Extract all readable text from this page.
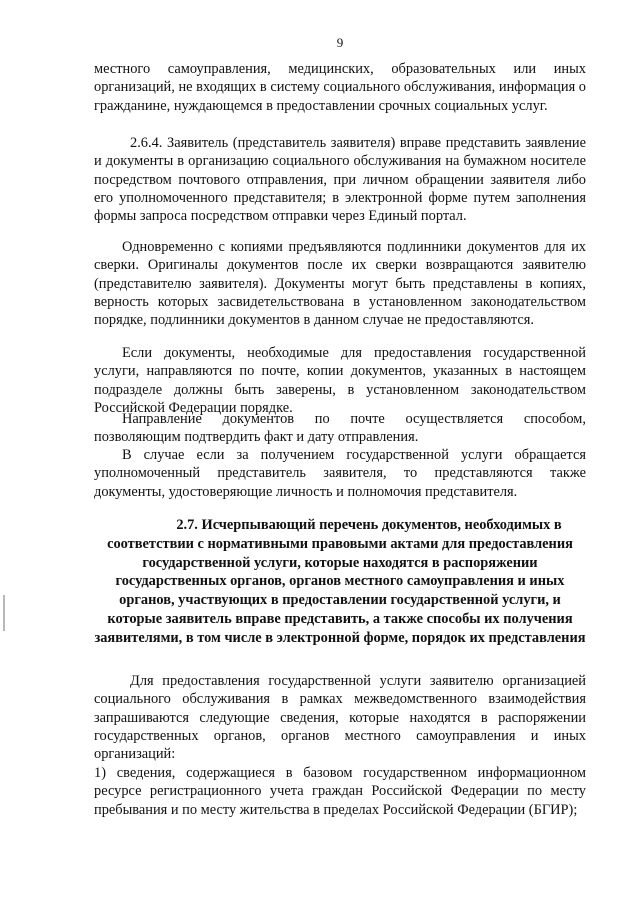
9

местного самоуправления, медицинских, образовательных или иных организаций, не входящих в систему социального обслуживания, информация о гражданине, нуждающемся в предоставлении срочных социальных услуг.

2.6.4. Заявитель (представитель заявителя) вправе представить заявление и документы в организацию социального обслуживания на бумажном носителе посредством почтового отправления, при личном обращении заявителя либо его уполномоченного представителя; в электронной форме путем заполнения формы запроса посредством отправки через Единый портал.

Одновременно с копиями предъявляются подлинники документов для их сверки. Оригиналы документов после их сверки возвращаются заявителю (представителю заявителя). Документы могут быть представлены в копиях, верность которых засвидетельствована в установленном законодательством порядке, подлинники документов в данном случае не предоставляются.

Если документы, необходимые для предоставления государственной услуги, направляются по почте, копии документов, указанных в настоящем подразделе должны быть заверены, в установленном законодательством Российской Федерации порядке.

Направление документов по почте осуществляется способом, позволяющим подтвердить факт и дату отправления.

В случае если за получением государственной услуги обращается уполномоченный представитель заявителя, то представляются также документы, удостоверяющие личность и полномочия представителя.

2.7. Исчерпывающий перечень документов, необходимых в
соответствии с нормативными правовыми актами для предоставления государственной услуги, которые находятся в распоряжении государственных органов, органов местного самоуправления и иных органов, участвующих в предоставлении государственной услуги, и которые заявитель вправе представить, а также способы их получения заявителями, в том числе в электронной форме, порядок их представления

Для предоставления государственной услуги заявителю организацией социального обслуживания в рамках межведомственного взаимодействия запрашиваются следующие сведения, которые находятся в распоряжении государственных органов, органов местного самоуправления и иных организаций:

1) сведения, содержащиеся в базовом государственном информационном ресурсе регистрационного учета граждан Российской Федерации по месту пребывания и по месту жительства в пределах Российской Федерации (БГИР);
